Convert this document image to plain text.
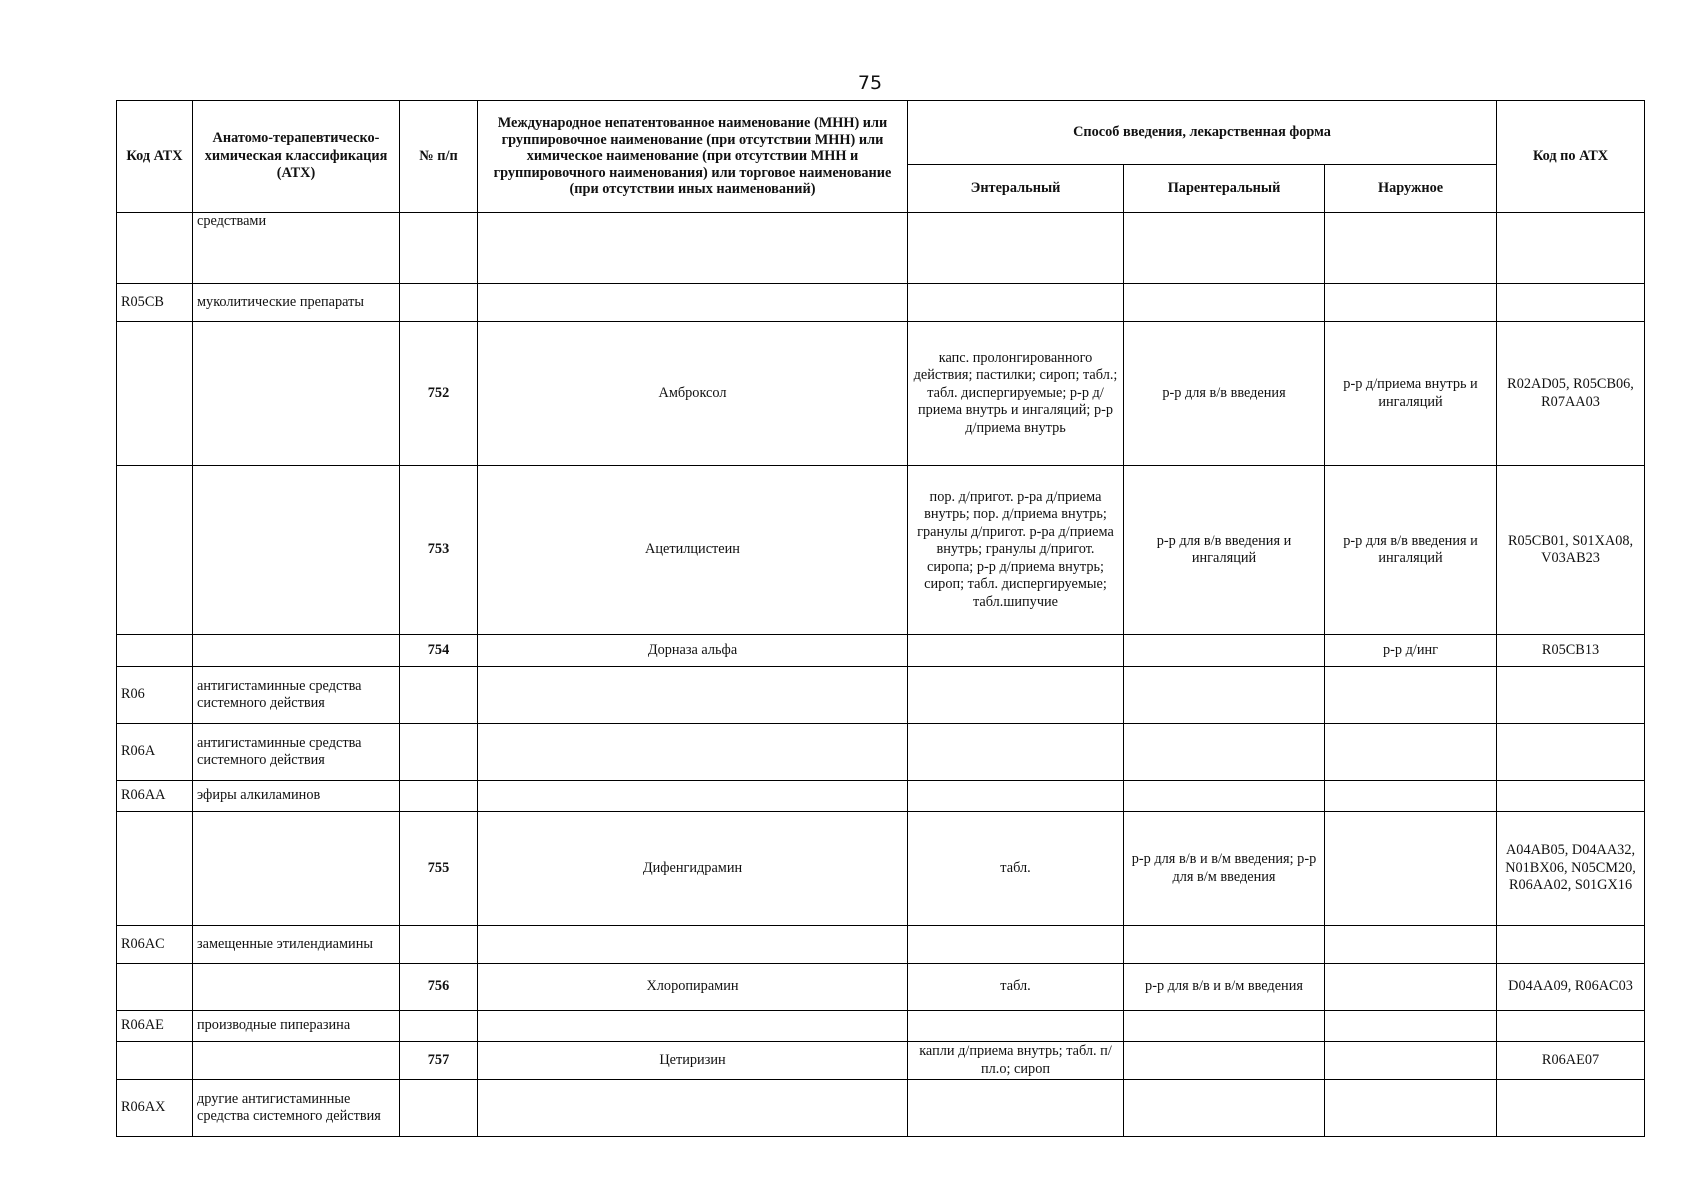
75
Код АТХ	Анатомо-терапевтическо-химическая классификация (АТХ)	№ п/п	Международное непатентованное наименование (МНН) или группировочное наименование (при отсутствии МНН) или химическое наименование (при отсутствии МНН и группировочного наименования) или торговое наименование (при отсутствии иных наименований)	Способ введения, лекарственная форма			Код по АТХ
				Энтеральный	Парентеральный	Наружное	
	средствами						
R05CB	муколитические препараты						
		752	Амброксол	капс. пролонгированного действия; пастилки; сироп; табл.; табл. диспергируемые; р-р д/приема внутрь и ингаляций; р-р д/приема внутрь	р-р для в/в введения	р-р д/приема внутрь и ингаляций	R02AD05, R05CB06, R07AA03
		753	Ацетилцистеин	пор. д/пригот. р-ра д/приема внутрь; пор. д/приема внутрь; гранулы д/пригот. р-ра д/приема внутрь; гранулы д/пригот. сиропа; р-р д/приема внутрь; сироп; табл. диспергируемые; табл.шипучие	р-р для в/в введения и ингаляций	р-р для в/в введения и ингаляций	R05CB01, S01XA08, V03AB23
		754	Дорназа альфа			р-р д/инг	R05CB13
R06	антигистаминные средства системного действия						
R06A	антигистаминные средства системного действия						
R06AA	эфиры алкиламинов						
		755	Дифенгидрамин	табл.	р-р для в/в и в/м введения; р-р для в/м введения		A04AB05, D04AA32, N01BX06, N05CM20, R06AA02, S01GX16
R06AC	замещенные этилендиамины						
		756	Хлоропирамин	табл.	р-р для в/в и в/м введения		D04AA09, R06AC03
R06AE	производные пиперазина						
		757	Цетиризин	капли д/приема внутрь; табл. п/пл.о; сироп			R06AE07
R06AX	другие антигистаминные средства системного действия						
